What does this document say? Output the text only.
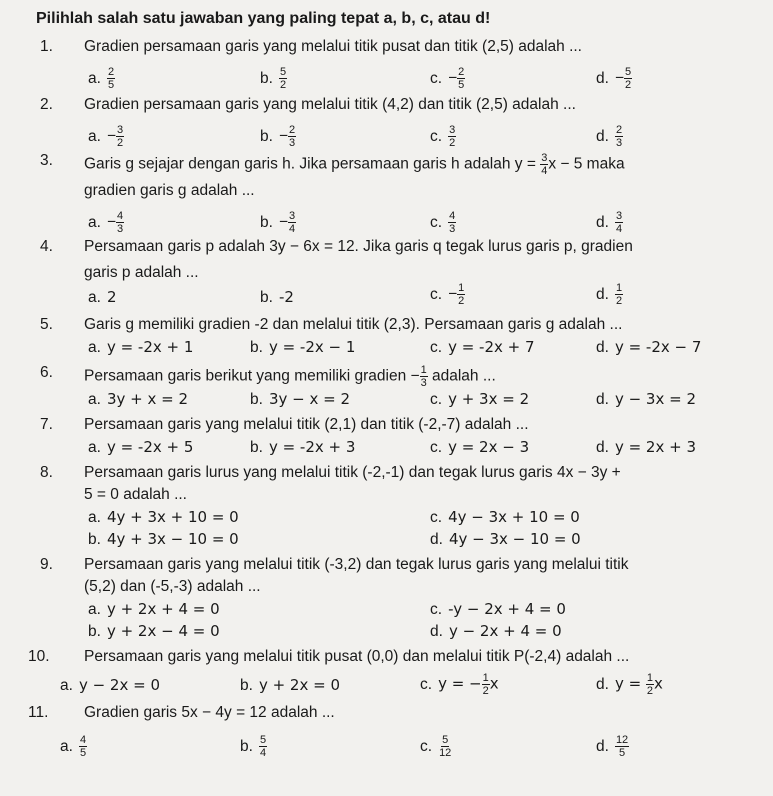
Pilihlah salah satu jawaban yang paling tepat a, b, c, atau d!
1. Gradien persamaan garis yang melalui titik pusat dan titik (2,5) adalah ...
a. $\frac{2}{5}$	b. $\frac{5}{2}$	c. − $\frac{2}{5}$	d. − $\frac{5}{2}$
2. Gradien persamaan garis yang melalui titik (4,2) dan titik (2,5) adalah ...
a. − $\frac{3}{2}$	b. − $\frac{2}{3}$	c. $\frac{3}{2}$	d. $\frac{2}{3}$
3. Garis g sejajar dengan garis h. Jika persamaan garis h adalah $y = \frac{3}{4}$ x − 5 maka
gradien garis g adalah ...
a. − $\frac{4}{3}$	b. − $\frac{3}{4}$	c. $\frac{4}{3}$	d. $\frac{3}{4}$
4. Persamaan garis p adalah 3y − 6x = 12. Jika garis q tegak lurus garis p, gradien
garis p adalah ...
a. 2	b. -2	c. − $\frac{1}{2}$	d. $\frac{1}{2}$
5. Garis g memiliki gradien -2 dan melalui titik (2,3). Persamaan garis g adalah ...
a. y = -2x + 1	b. y = -2x − 1	c. y = -2x + 7	d. y = -2x − 7
6. Persamaan garis berikut yang memiliki gradien − $\frac{1}{3}$ adalah ...
a. 3y + x = 2	b. 3y − x = 2	c. y + 3x = 2	d. y − 3x = 2
7. Persamaan garis yang melalui titik (2,1) dan titik (-2,-7) adalah ...
a. y = -2x + 5	b. y = -2x + 3	c. y = 2x − 3	d. y = 2x + 3
8. Persamaan garis lurus yang melalui titik (-2,-1) dan tegak lurus garis 4x − 3y +
5 = 0 adalah ...
a. 4y + 3x + 10 = 0	c. 4y − 3x + 10 = 0
b. 4y + 3x − 10 = 0	d. 4y − 3x − 10 = 0
9. Persamaan garis yang melalui titik (-3,2) dan tegak lurus garis yang melalui titik
(5,2) dan (-5,-3) adalah ...
a. y + 2x + 4 = 0	c. -y − 2x + 4 = 0
b. y + 2x − 4 = 0	d. y − 2x + 4 = 0
10. Persamaan garis yang melalui titik pusat (0,0) dan melalui titik P(-2,4) adalah ...
a. y − 2x = 0	b. y + 2x = 0	c. y = − $\frac{1}{2}$ x	d. $y = \frac{1}{2}$ x
11. Gradien garis 5x − 4y = 12 adalah ...
a. $\frac{4}{5}$	b. $\frac{5}{4}$	c. $\frac{5}{12}$	d. $\frac{12}{5}$
